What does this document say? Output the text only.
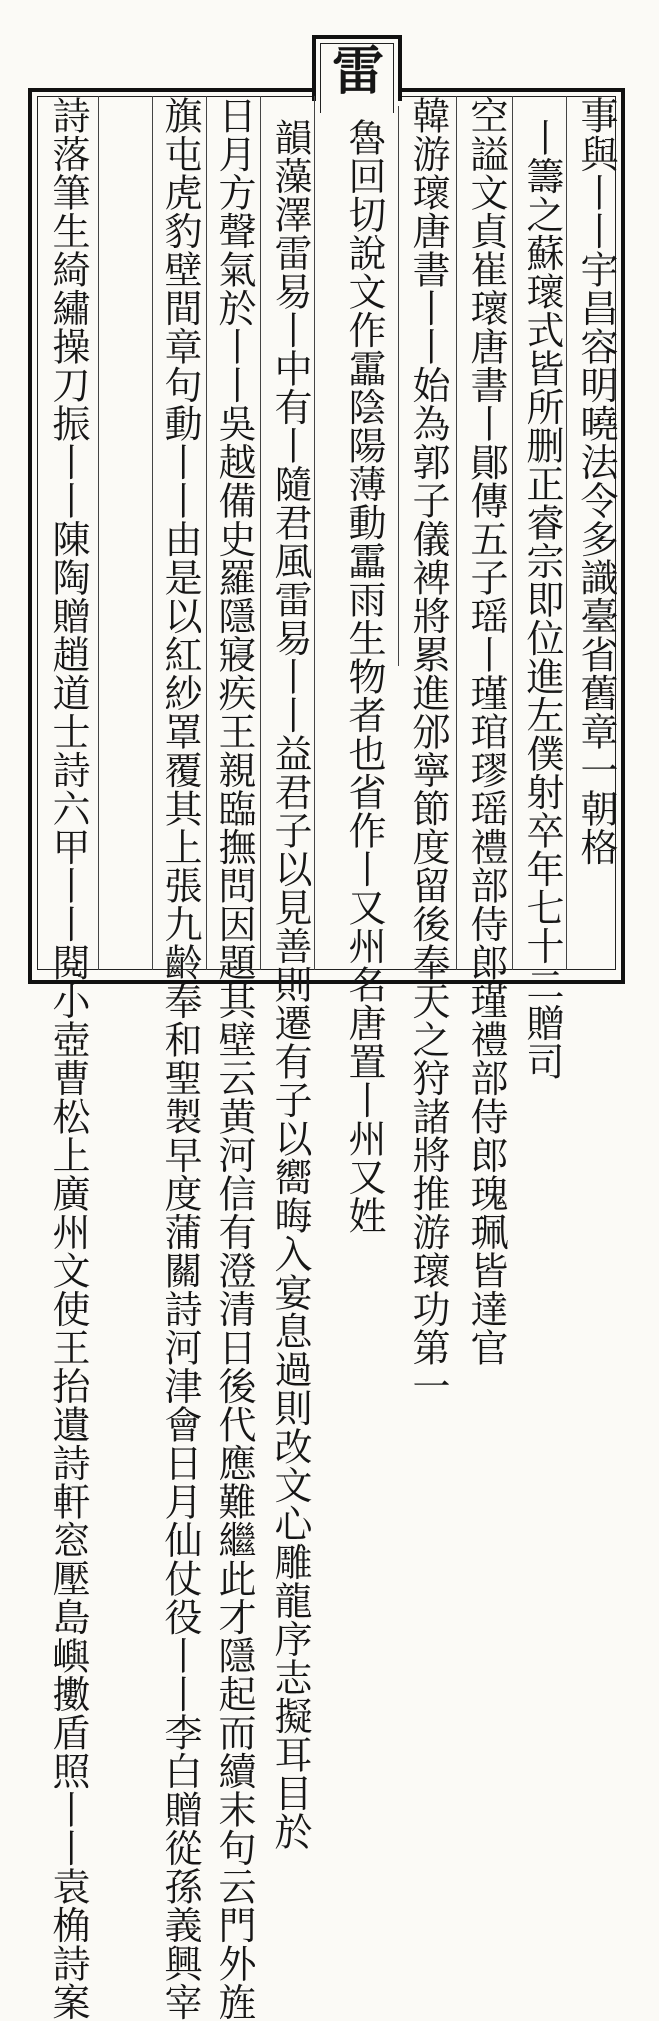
雷
事與丨丨宇昌容明曉法令多識臺省舊章一朝格
丨籌之蘇瓌式皆所删正睿宗即位進左僕射卒年七十二贈司
空謚文貞崔瓌唐書丨鄖傳五子瑶丨瑾琯璆瑶禮部侍郎瑾禮部侍郎瑰珮皆達官
韓游瓌唐書丨丨始為郭子儀裨將累進邠寧節度留後奉天之狩諸將推游瓌功第一
魯回切說文作靁陰陽薄動靁雨生物者也省作丨又州名唐置丨州又姓
韻藻澤雷易丨中有丨隨君風雷易丨丨益君子以見善則遷有子以嚮晦入宴息過則改文心雕龍序志擬耳目於
日月方聲氣於丨丨吳越備史羅隱寢疾王親臨撫問因題其壁云黄河信有澄清日後代應難繼此才隱起而續末句云門外旌
旗屯虎豹壁間章句動丨丨由是以紅紗罩覆其上張九齡奉和聖製早度蒲關詩河津會日月仙仗役丨丨李白贈從孫義興宰
詩落筆生綺繡操刀振丨丨陳陶贈趙道士詩六甲丨丨閱小壺曹松上廣州文使王抬遺詩軒窓壓島嶼擻盾照丨丨袁桷詩案
